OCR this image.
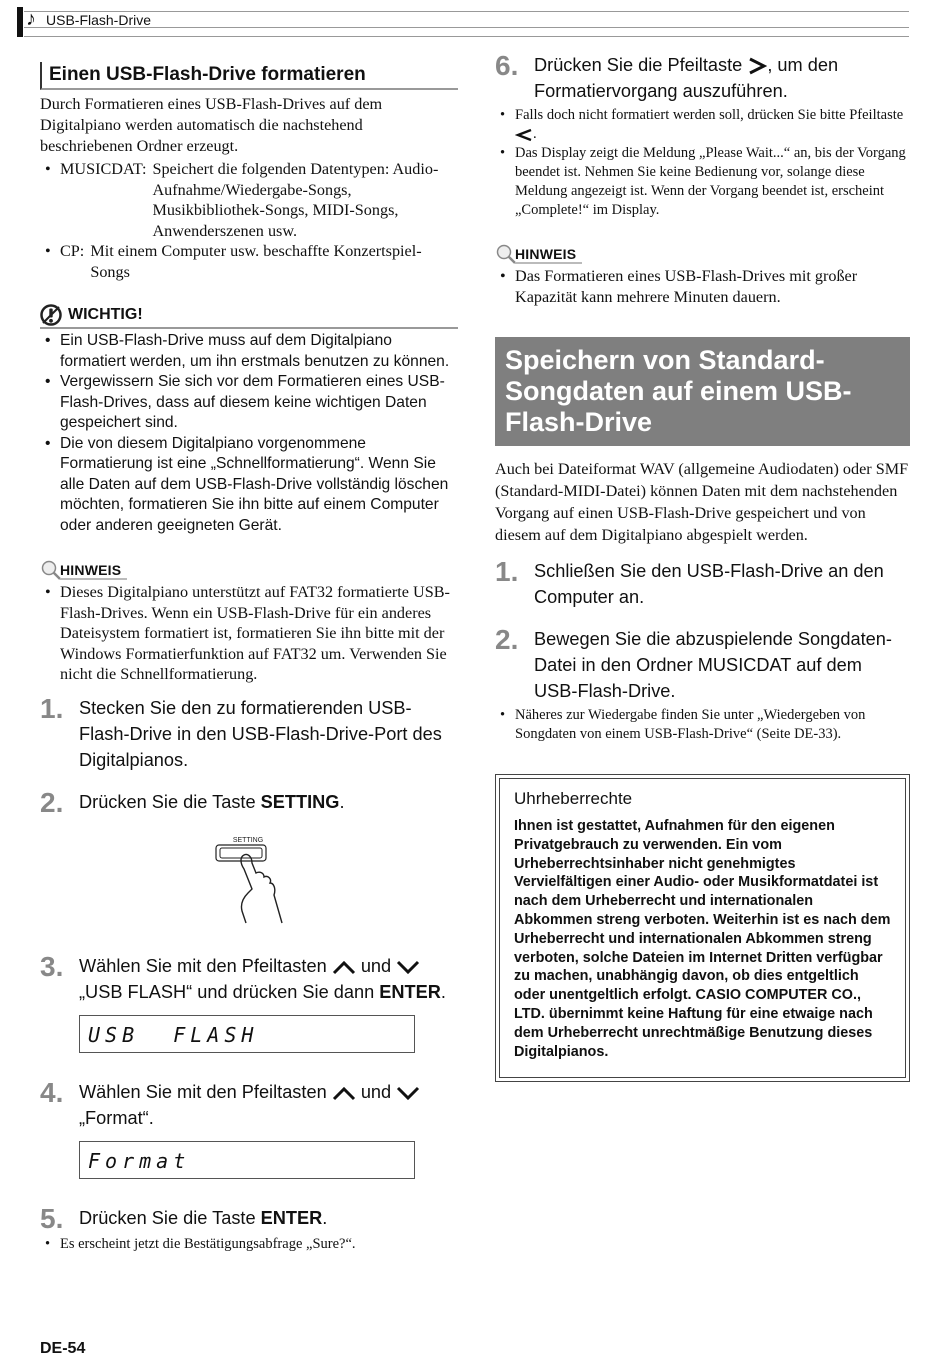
♪ USB-Flash-Drive
Einen USB-Flash-Drive formatieren

Durch Formatieren eines USB-Flash-Drives auf dem Digitalpiano werden automatisch die nachstehend beschriebenen Ordner erzeugt.

• MUSICDAT: Speichert die folgenden Datentypen: Audio-Aufnahme/Wiedergabe-Songs, Musikbibliothek-Songs, MIDI-Songs, Anwenderszenen usw.
• CP: Mit einem Computer usw. beschaffte Konzertspiel-Songs
WICHTIG!
• Ein USB-Flash-Drive muss auf dem Digitalpiano formatiert werden, um ihn erstmals benutzen zu können.
• Vergewissern Sie sich vor dem Formatieren eines USB-Flash-Drives, dass auf diesem keine wichtigen Daten gespeichert sind.
• Die von diesem Digitalpiano vorgenommene Formatierung ist eine „Schnellformatierung“. Wenn Sie alle Daten auf dem USB-Flash-Drive vollständig löschen möchten, formatieren Sie ihn bitte auf einem Computer oder anderen geeigneten Gerät.
HINWEIS
• Dieses Digitalpiano unterstützt auf FAT32 formatierte USB-Flash-Drives. Wenn ein USB-Flash-Drive für ein anderes Dateisystem formatiert ist, formatieren Sie ihn bitte mit der Windows Formatierfunktion auf FAT32 um. Verwenden Sie nicht die Schnellformatierung.
1. Stecken Sie den zu formatierenden USB-Flash-Drive in den USB-Flash-Drive-Port des Digitalpianos.
2. Drücken Sie die Taste SETTING.
SETTING
3. Wählen Sie mit den Pfeiltasten und
„USB FLASH“ und drücken Sie dann ENTER.
USB  FLASH
4. Wählen Sie mit den Pfeiltasten und
„Format“.
Format
5. Drücken Sie die Taste ENTER.
• Es erscheint jetzt die Bestätigungsabfrage „Sure?“.
6. Drücken Sie die Pfeiltaste , um den Formatiervorgang auszuführen.
• Falls doch nicht formatiert werden soll, drücken Sie bitte Pfeiltaste .
• Das Display zeigt die Meldung „Please Wait...“ an, bis der Vorgang beendet ist. Nehmen Sie keine Bedienung vor, solange diese Meldung angezeigt ist. Wenn der Vorgang beendet ist, erscheint „Complete!“ im Display.
HINWEIS
• Das Formatieren eines USB-Flash-Drives mit großer Kapazität kann mehrere Minuten dauern.
Speichern von Standard-Songdaten auf einem USB-Flash-Drive

Auch bei Dateiformat WAV (allgemeine Audiodaten) oder SMF (Standard-MIDI-Datei) können Daten mit dem nachstehenden Vorgang auf einen USB-Flash-Drive gespeichert und von diesem auf dem Digitalpiano abgespielt werden.

1. Schließen Sie den USB-Flash-Drive an den Computer an.
2. Bewegen Sie die abzuspielende Songdaten-Datei in den Ordner MUSICDAT auf dem USB-Flash-Drive.
• Näheres zur Wiedergabe finden Sie unter „Wiedergeben von Songdaten von einem USB-Flash-Drive“ (Seite DE-33).
Uhrheberrechte
Ihnen ist gestattet, Aufnahmen für den eigenen Privatgebrauch zu verwenden. Ein vom Urheberrechtsinhaber nicht genehmigtes Vervielfältigen einer Audio- oder Musikformatdatei ist nach dem Urheberrecht und internationalen Abkommen streng verboten. Weiterhin ist es nach dem Urheberrecht und internationalen Abkommen streng verboten, solche Dateien im Internet Dritten verfügbar zu machen, unabhängig davon, ob dies entgeltlich oder unentgeltlich erfolgt. CASIO COMPUTER CO., LTD. übernimmt keine Haftung für eine etwaige nach dem Urheberrecht unrechtmäßige Benutzung dieses Digitalpianos.
DE-54
